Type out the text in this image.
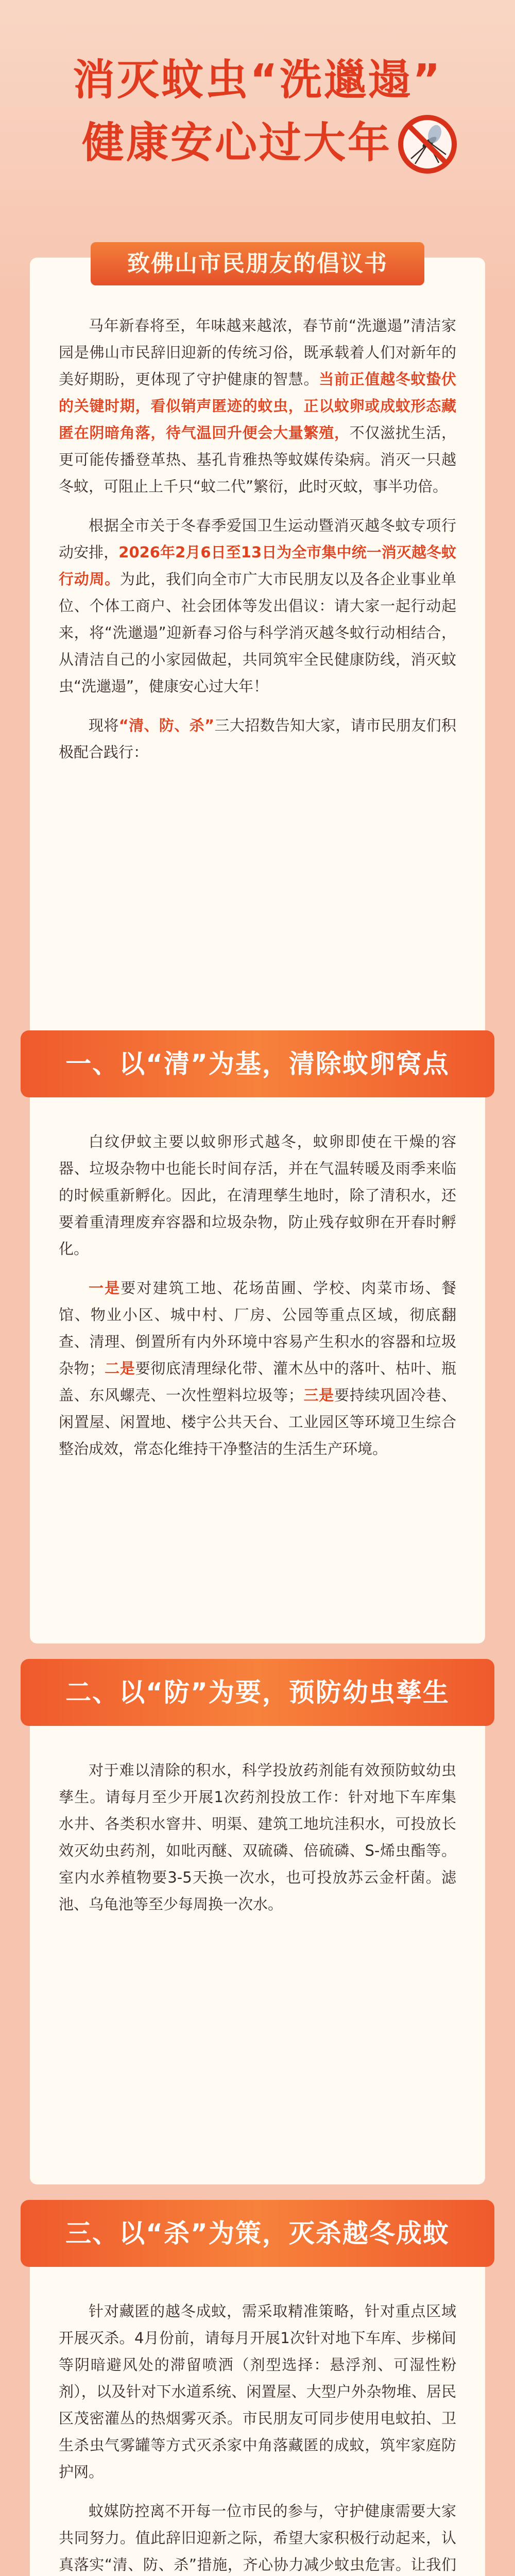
消灭蚊虫“洗邋遢”
健康安心过大年

马年新春将至，年味越来越浓，春节前“洗邋遢”清洁家园是佛山市民辞旧迎新的传统习俗，既承载着人们对新年的美好期盼，更体现了守护健康的智慧。当前正值越冬蚊蛰伏的关键时期，看似销声匿迹的蚊虫，正以蚊卵或成蚊形态藏匿在阴暗角落，待气温回升便会大量繁殖，不仅滋扰生活，更可能传播登革热、基孔肯雅热等蚊媒传染病。消灭一只越冬蚊，可阻止上千只“蚊二代”繁衍，此时灭蚊，事半功倍。

根据全市关于冬春季爱国卫生运动暨消灭越冬蚊专项行动安排，2026年2月6日至13日为全市集中统一消灭越冬蚊行动周。为此，我们向全市广大市民朋友以及各企业事业单位、个体工商户、社会团体等发出倡议：请大家一起行动起来，将“洗邋遢”迎新春习俗与科学消灭越冬蚊行动相结合，从清洁自己的小家园做起，共同筑牢全民健康防线，消灭蚊虫“洗邋遢”，健康安心过大年！

现将“清、防、杀”三大招数告知大家，请市民朋友们积极配合践行：

致佛山市民朋友的倡议书
一、以“清”为基，清除蚊卵窝点

白纹伊蚊主要以蚊卵形式越冬，蚊卵即使在干燥的容器、垃圾杂物中也能长时间存活，并在气温转暖及雨季来临的时候重新孵化。因此，在清理孳生地时，除了清积水，还要着重清理废弃容器和垃圾杂物，防止残存蚊卵在开春时孵化。

一是要对建筑工地、花场苗圃、学校、肉菜市场、餐馆、物业小区、城中村、厂房、公园等重点区域，彻底翻查、清理、倒置所有内外环境中容易产生积水的容器和垃圾杂物；二是要彻底清理绿化带、灌木丛中的落叶、枯叶、瓶盖、东风螺壳、一次性塑料垃圾等；三是要持续巩固冷巷、闲置屋、闲置地、楼宇公共天台、工业园区等环境卫生综合整治成效，常态化维持干净整洁的生活生产环境。

二、以“防”为要，预防幼虫孳生

对于难以清除的积水，科学投放药剂能有效预防蚊幼虫孳生。请每月至少开展1次药剂投放工作：针对地下车库集水井、各类积水窨井、明渠、建筑工地坑洼积水，可投放长效灭幼虫药剂，如吡丙醚、双硫磷、倍硫磷、S-烯虫酯等。室内水养植物要3-5天换一次水，也可投放苏云金杆菌。滤池、乌龟池等至少每周换一次水。

三、以“杀”为策，灭杀越冬成蚊

针对藏匿的越冬成蚊，需采取精准策略，针对重点区域开展灭杀。4月份前，请每月开展1次针对地下车库、步梯间等阴暗避风处的滞留喷洒（剂型选择：悬浮剂、可湿性粉剂），以及针对下水道系统、闲置屋、大型户外杂物堆、居民区茂密灌丛的热烟雾灭杀。市民朋友可同步使用电蚊拍、卫生杀虫气雾罐等方式灭杀家中角落藏匿的成蚊，筑牢家庭防护网。

蚊媒防控离不开每一位市民的参与，守护健康需要大家共同努力。值此辞旧迎新之际，希望大家积极行动起来，认真落实“清、防、杀”措施，齐心协力减少蚊虫危害。让我们
